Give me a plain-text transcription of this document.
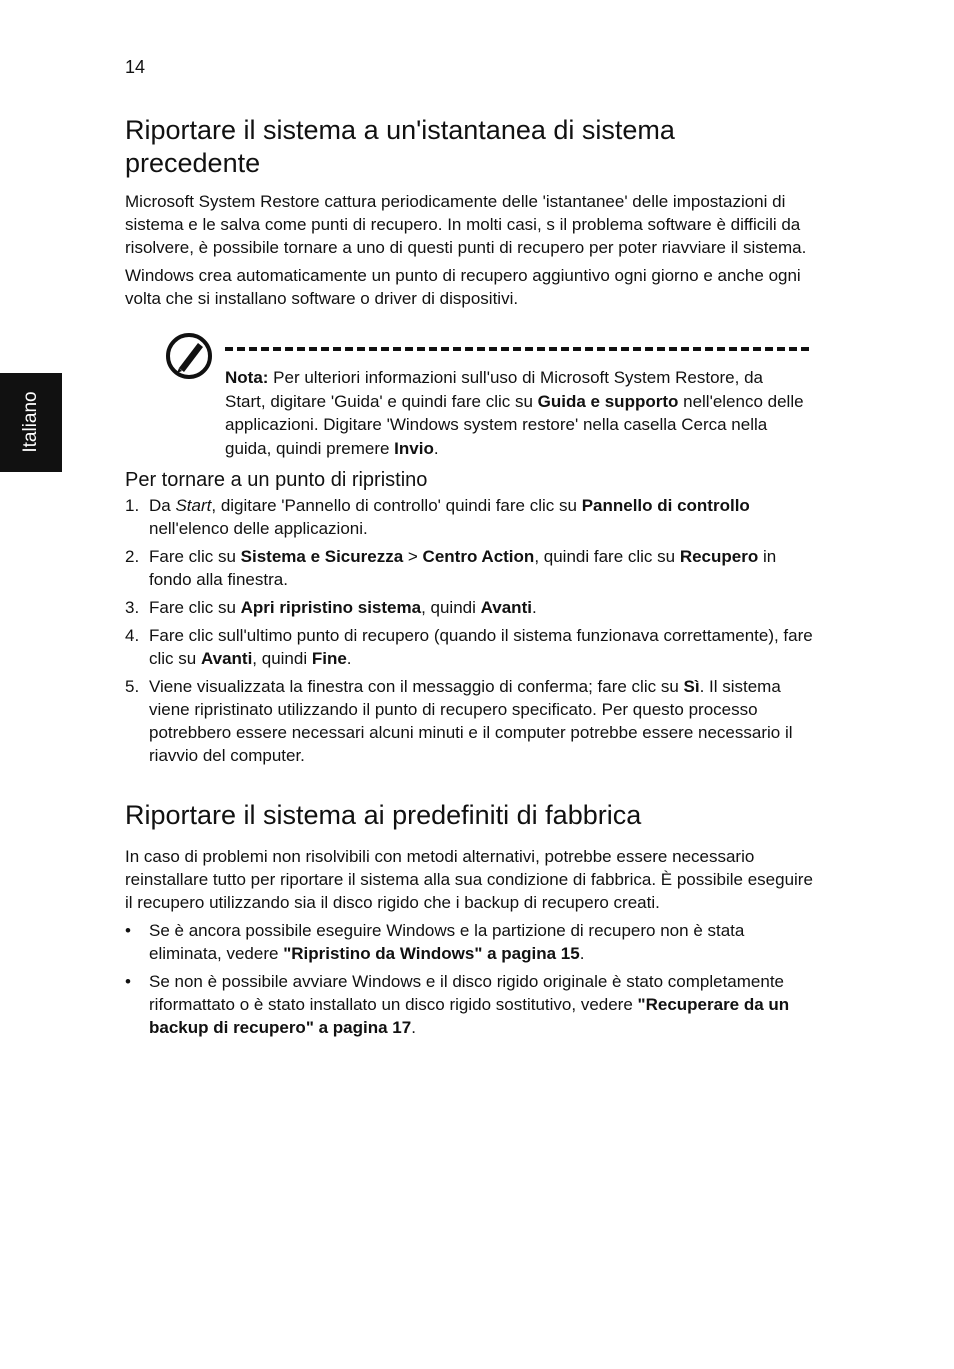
14
Italiano
Riportare il sistema a un'istantanea di sistema precedente

Microsoft System Restore cattura periodicamente delle 'istantanee' delle impostazioni di sistema e le salva come punti di recupero. In molti casi, s il problema software è difficili da risolvere, è possibile tornare a uno di questi punti di recupero per poter riavviare il sistema.

Windows crea automaticamente un punto di recupero aggiuntivo ogni giorno e anche ogni volta che si installano software o driver di dispositivi.

Nota: Per ulteriori informazioni sull'uso di Microsoft System Restore, da Start, digitare 'Guida' e quindi fare clic su Guida e supporto nell'elenco delle applicazioni. Digitare 'Windows system restore' nella casella Cerca nella guida, quindi premere Invio.
Per tornare a un punto di ripristino
1. Da Start, digitare 'Pannello di controllo' quindi fare clic su Pannello di controllo nell'elenco delle applicazioni.
2. Fare clic su Sistema e Sicurezza > Centro Action, quindi fare clic su Recupero in fondo alla finestra.
3. Fare clic su Apri ripristino sistema, quindi Avanti.
4. Fare clic sull'ultimo punto di recupero (quando il sistema funzionava correttamente), fare clic su Avanti, quindi Fine.
5. Viene visualizzata la finestra con il messaggio di conferma; fare clic su Sì. Il sistema viene ripristinato utilizzando il punto di recupero specificato. Per questo processo potrebbero essere necessari alcuni minuti e il computer potrebbe essere necessario il riavvio del computer.
Riportare il sistema ai predefiniti di fabbrica

In caso di problemi non risolvibili con metodi alternativi, potrebbe essere necessario reinstallare tutto per riportare il sistema alla sua condizione di fabbrica. È possibile eseguire il recupero utilizzando sia il disco rigido che i backup di recupero creati.

• Se è ancora possibile eseguire Windows e la partizione di recupero non è stata eliminata, vedere "Ripristino da Windows" a pagina 15.
• Se non è possibile avviare Windows e il disco rigido originale è stato completamente riformattato o è stato installato un disco rigido sostitutivo, vedere "Recuperare da un backup di recupero" a pagina 17.
